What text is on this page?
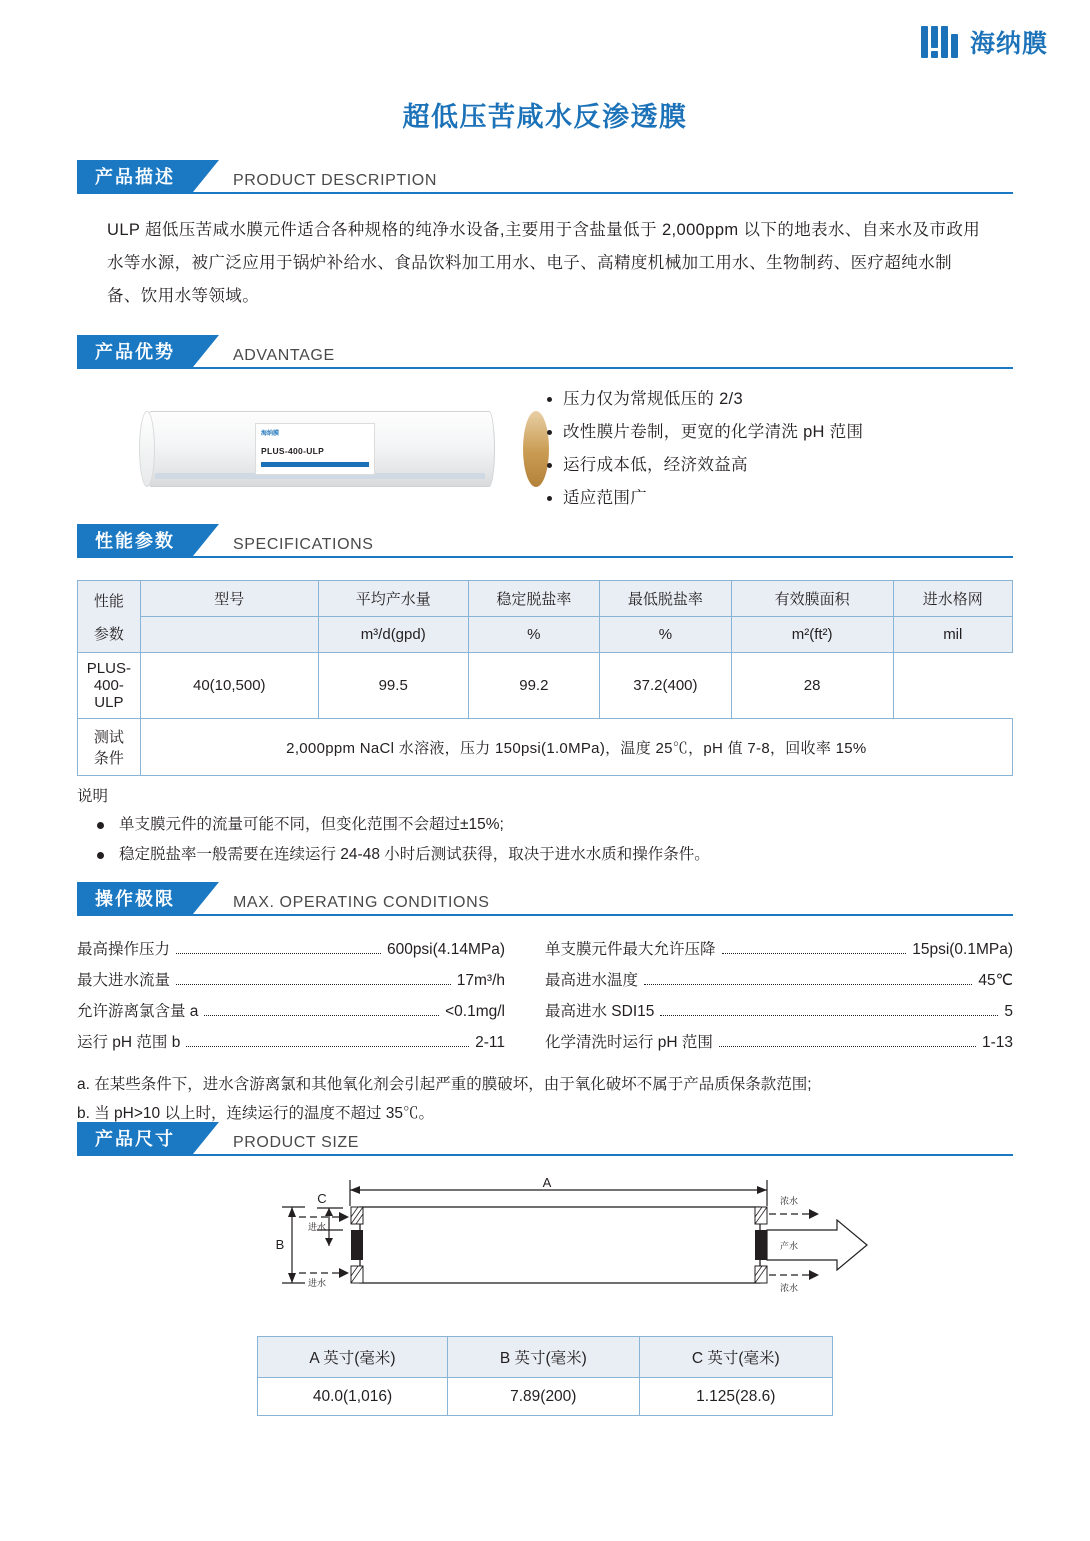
海纳膜
超低压苦咸水反渗透膜
产品描述	PRODUCT DESCRIPTION
ULP 超低压苦咸水膜元件适合各种规格的纯净水设备,主要用于含盐量低于 2,000ppm 以下的地表水、自来水及市政用水等水源，被广泛应用于锅炉补给水、食品饮料加工用水、电子、高精度机械加工用水、生物制药、医疗超纯水制备、饮用水等领域。
产品优势	ADVANTAGE
海纳膜
PLUS-400-ULP
压力仅为常规低压的 2/3
改性膜片卷制，更宽的化学清洗 pH 范围
运行成本低，经济效益高
适应范围广
性能参数	SPECIFICATIONS
性能
参数	型号	平均产水量	稳定脱盐率	最低脱盐率	有效膜面积	进水格网
		m³/d(gpd)	%	%	m²(ft²)	mil
PLUS-400-ULP	40(10,500)	99.5	99.2	37.2(400)	28	

测试
条件	2,000ppm NaCl 水溶液，压力 150psi(1.0MPa)，温度 25℃，pH 值 7-8，回收率 15%					
说明
单支膜元件的流量可能不同，但变化范围不会超过±15%;
稳定脱盐率一般需要在连续运行 24-48 小时后测试获得，取决于进水水质和操作条件。
操作极限	MAX. OPERATING CONDITIONS
最高操作压力	600psi(4.14MPa)
最大进水流量	17m³/h
允许游离氯含量 a	<0.1mg/l
运行 pH 范围 b	2-11
单支膜元件最大允许压降	15psi(0.1MPa)
最高进水温度	45℃
最高进水 SDI15	5
化学清洗时运行 pH 范围	1-13
a. 在某些条件下，进水含游离氯和其他氧化剂会引起严重的膜破坏，由于氧化破坏不属于产品质保条款范围;
b. 当 pH>10 以上时，连续运行的温度不超过 35℃。
产品尺寸	PRODUCT SIZE
A
B
C
进水
进水
浓水
浓水
产水
A 英寸(毫米)	B 英寸(毫米)	C 英寸(毫米)
40.0(1,016)	7.89(200)	1.125(28.6)
